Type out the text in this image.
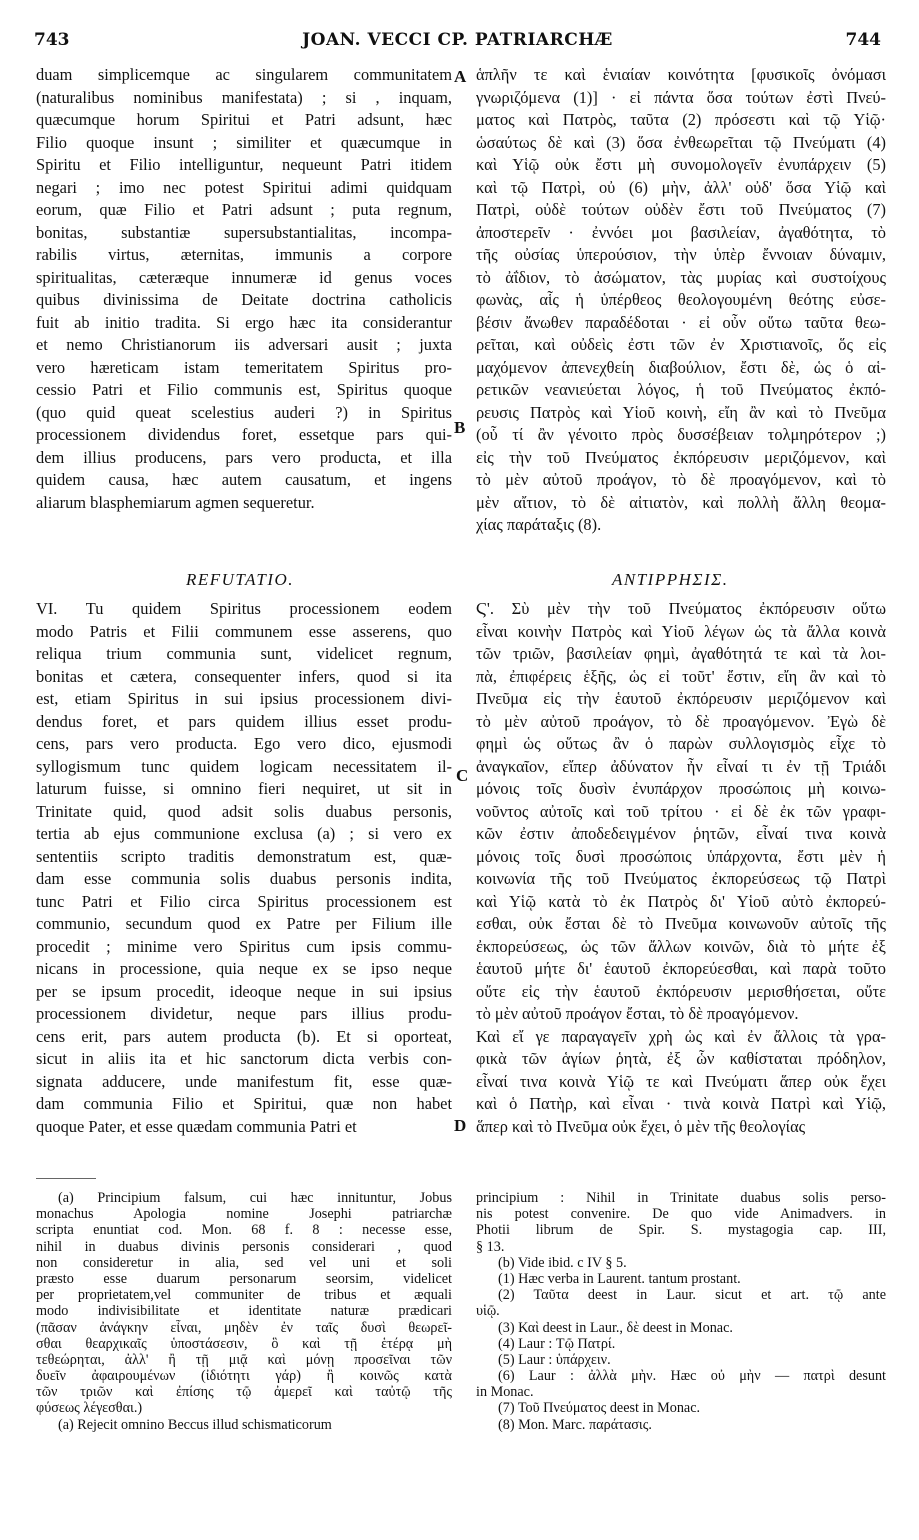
743	JOAN. VECCI CP. PATRIARCHÆ	744
duam simplicemque ac singularem communitatem
(naturalibus nominibus manifestata) ; si , inquam,
quæcumque horum Spiritui et Patri adsunt, hæc
Filio quoque insunt ; similiter et quæcumque in
Spiritu et Filio intelliguntur, nequeunt Patri itidem
negari ; imo nec potest Spiritui adimi quidquam
eorum, quæ Filio et Patri adsunt ; puta regnum,
bonitas, substantiæ supersubstantialitas, incompa-
rabilis virtus, æternitas, immunis a corpore
spiritualitas, cæteræque innumeræ id genus voces
quibus divinissima de Deitate doctrina catholicis
fuit ab initio tradita. Si ergo hæc ita considerantur
et nemo Christianorum iis adversari ausit ; juxta
vero hæreticam istam temeritatem Spiritus pro-
cessio Patri et Filio communis est, Spiritus quoque
(quo quid queat scelestius auderi ?) in Spiritus
processionem dividendus foret, essetque pars qui-
dem illius producens, pars vero producta, et illa
quidem causa, hæc autem causatum, et ingens
aliarum blasphemiarum agmen sequeretur.
ἁπλῆν τε καὶ ἑνιαίαν κοινότητα [φυσικοῖς ὀνόμασι
γνωριζόμενα (1)] · εἰ πάντα ὅσα τούτων ἐστὶ Πνεύ-
ματος καὶ Πατρὸς, ταῦτα (2) πρόσεστι καὶ τῷ Υἱῷ·
ὡσαύτως δὲ καὶ (3) ὅσα ἐνθεωρεῖται τῷ Πνεύματι (4)
καὶ Υἱῷ οὐκ ἔστι μὴ συνομολογεῖν ἐνυπάρχειν (5)
καὶ τῷ Πατρὶ, οὐ (6) μὴν, ἀλλ' οὐδ' ὅσα Υἱῷ καὶ
Πατρὶ, οὐδὲ τούτων οὐδὲν ἔστι τοῦ Πνεύματος (7)
ἀποστερεῖν · ἐννόει μοι βασιλείαν, ἀγαθότητα, τὸ
τῆς οὐσίας ὑπερούσιον, τὴν ὑπὲρ ἔννοιαν δύναμιν,
τὸ ἀΐδιον, τὸ ἀσώματον, τὰς μυρίας καὶ συστοίχους
φωνὰς, αἷς ἡ ὑπέρθεος θεολογουμένη θεότης εὐσε-
βέσιν ἄνωθεν παραδέδοται · εἰ οὖν οὕτω ταῦτα θεω-
ρεῖται, καὶ οὐδεὶς ἐστι τῶν ἐν Χριστιανοῖς, ὅς εἰς
μαχόμενον ἀπενεχθείη διαβούλιον, ἔστι δὲ, ὡς ὁ αἱ-
ρετικῶν νεανιεύεται λόγος, ἡ τοῦ Πνεύματος ἐκπό-
ρευσις Πατρὸς καὶ Υἱοῦ κοινὴ, εἴη ἂν καὶ τὸ Πνεῦμα
(οὗ τί ἂν γένοιτο πρὸς δυσσέβειαν τολμηρότερον ;)
εἰς τὴν τοῦ Πνεύματος ἐκπόρευσιν μεριζόμενον, καὶ
τὸ μὲν αὐτοῦ προάγον, τὸ δὲ προαγόμενον, καὶ τὸ
μὲν αἴτιον, τὸ δὲ αἰτιατὸν, καὶ πολλὴ ἄλλη θεομα-
χίας παράταξις (8).
REFUTATIO.	ΑΝΤΙΡΡΗΣΙΣ.
VI. Tu quidem Spiritus processionem eodem
modo Patris et Filii communem esse asserens, quo
reliqua trium communia sunt, videlicet regnum,
bonitas et cætera, consequenter infers, quod si ita
est, etiam Spiritus in sui ipsius processionem divi-
dendus foret, et pars quidem illius esset produ-
cens, pars vero producta. Ego vero dico, ejusmodi
syllogismum tunc quidem logicam necessitatem il-
laturum fuisse, si omnino fieri nequiret, ut sit in
Trinitate quid, quod adsit solis duabus personis,
tertia ab ejus communione exclusa (a) ; si vero ex
sententiis scripto traditis demonstratum est, quæ-
dam esse communia solis duabus personis indita,
tunc Patri et Filio circa Spiritus processionem est
communio, secundum quod ex Patre per Filium ille
procedit ; minime vero Spiritus cum ipsis commu-
nicans in processione, quia neque ex se ipso neque
per se ipsum procedit, ideoque neque in sui ipsius
processionem dividetur, neque pars illius produ-
cens erit, pars autem producta (b). Et si oporteat,
sicut in aliis ita et hic sanctorum dicta verbis con-
signata adducere, unde manifestum fit, esse quæ-
dam communia Filio et Spiritui, quæ non habet
quoque Pater, et esse quædam communia Patri et
Ϛ'. Σὺ μὲν τὴν τοῦ Πνεύματος ἐκπόρευσιν οὕτω
εἶναι κοινὴν Πατρὸς καὶ Υἱοῦ λέγων ὡς τὰ ἄλλα κοινὰ
τῶν τριῶν, βασιλείαν φημὶ, ἀγαθότητά τε καὶ τὰ λοι-
πὰ, ἐπιφέρεις ἑξῆς, ὡς εἰ τοῦτ' ἔστιν, εἴη ἂν καὶ τὸ
Πνεῦμα εἰς τὴν ἑαυτοῦ ἐκπόρευσιν μεριζόμενον καὶ
τὸ μὲν αὐτοῦ προάγον, τὸ δὲ προαγόμενον. Ἐγὼ δὲ
φημὶ ὡς οὕτως ἂν ὁ παρὼν συλλογισμὸς εἶχε τὸ
ἀναγκαῖον, εἴπερ ἀδύνατον ἦν εἶναί τι ἐν τῇ Τριάδι
μόνοις τοῖς δυσὶν ἐνυπάρχον προσώποις μὴ κοινω-
νοῦντος αὐτοῖς καὶ τοῦ τρίτου · εἰ δὲ ἐκ τῶν γραφι-
κῶν ἐστιν ἀποδεδειγμένον ῥητῶν, εἶναί τινα κοινὰ
μόνοις τοῖς δυσὶ προσώποις ὑπάρχοντα, ἔστι μὲν ἡ
κοινωνία τῆς τοῦ Πνεύματος ἐκπορεύσεως τῷ Πατρὶ
καὶ Υἱῷ κατὰ τὸ ἐκ Πατρὸς δι' Υἱοῦ αὐτὸ ἐκπορεύ-
εσθαι, οὐκ ἔσται δὲ τὸ Πνεῦμα κοινωνοῦν αὐτοῖς τῆς
ἐκπορεύσεως, ὡς τῶν ἄλλων κοινῶν, διὰ τὸ μήτε ἐξ
ἑαυτοῦ μήτε δι' ἑαυτοῦ ἐκπορεύεσθαι, καὶ παρὰ τοῦτο
οὔτε εἰς τὴν ἑαυτοῦ ἐκπόρευσιν μερισθήσεται, οὔτε
τὸ μὲν αὐτοῦ προάγον ἔσται, τὸ δὲ προαγόμενον.
Καὶ εἴ γε παραγαγεῖν χρὴ ὡς καὶ ἐν ἄλλοις τὰ γρα-
φικὰ τῶν ἁγίων ῥητὰ, ἐξ ὧν καθίσταται πρόδηλον,
εἶναί τινα κοινὰ Υἱῷ τε καὶ Πνεύματι ἅπερ οὐκ ἔχει
καὶ ὁ Πατὴρ, καὶ εἶναι · τινὰ κοινὰ Πατρὶ καὶ Υἱῷ,
ἅπερ καὶ τὸ Πνεῦμα οὐκ ἔχει, ὁ μὲν τῆς θεολογίας
A
B
C
D
(a) Principium falsum, cui hæc innituntur, Jobus
monachus Apologia nomine Josephi patriarchæ
scripta enuntiat cod. Mon. 68 f. 8 : necesse esse,
nihil in duabus divinis personis considerari , quod
non consideretur in alia, sed vel uni et soli
præsto esse duarum personarum seorsim, videlicet
per proprietatem,vel communiter de tribus et æquali
modo indivisibilitate et identitate naturæ prædicari
(πᾶσαν ἀνάγκην εἶναι, μηδὲν ἐν ταῖς δυσὶ θεωρεῖ-
σθαι θεαρχικαῖς ὑποστάσεσιν, ὃ καὶ τῇ ἑτέρᾳ μὴ
τεθεώρηται, ἀλλ' ἢ τῇ μιᾷ καὶ μόνῃ προσεῖναι τῶν
δυεῖν ἀφαιρουμένων (ἰδιότητι γάρ) ἢ κοινῶς κατὰ
τῶν τριῶν καὶ ἐπίσης τῷ ἀμερεῖ καὶ ταὐτῷ τῆς
φύσεως λέγεσθαι.)
(a) Rejecit omnino Beccus illud schismaticorum
principium : Nihil in Trinitate duabus solis perso-
nis potest convenire. De quo vide Animadvers. in
Photii librum de Spir. S. mystagogia cap. III,
§ 13.
(b) Vide ibid. c IV § 5.
(1) Hæc verba in Laurent. tantum prostant.
(2) Ταῦτα deest in Laur. sicut et art. τῷ ante
υἱῷ.
(3) Καὶ deest in Laur., δὲ deest in Monac.
(4) Laur : Τῷ Πατρί.
(5) Laur : ὑπάρχειν.
(6) Laur : ἀλλὰ μὴν. Hæc οὐ μὴν — πατρὶ desunt
in Monac.
(7) Τοῦ Πνεύματος deest in Monac.
(8) Mon. Marc. παράτασις.
